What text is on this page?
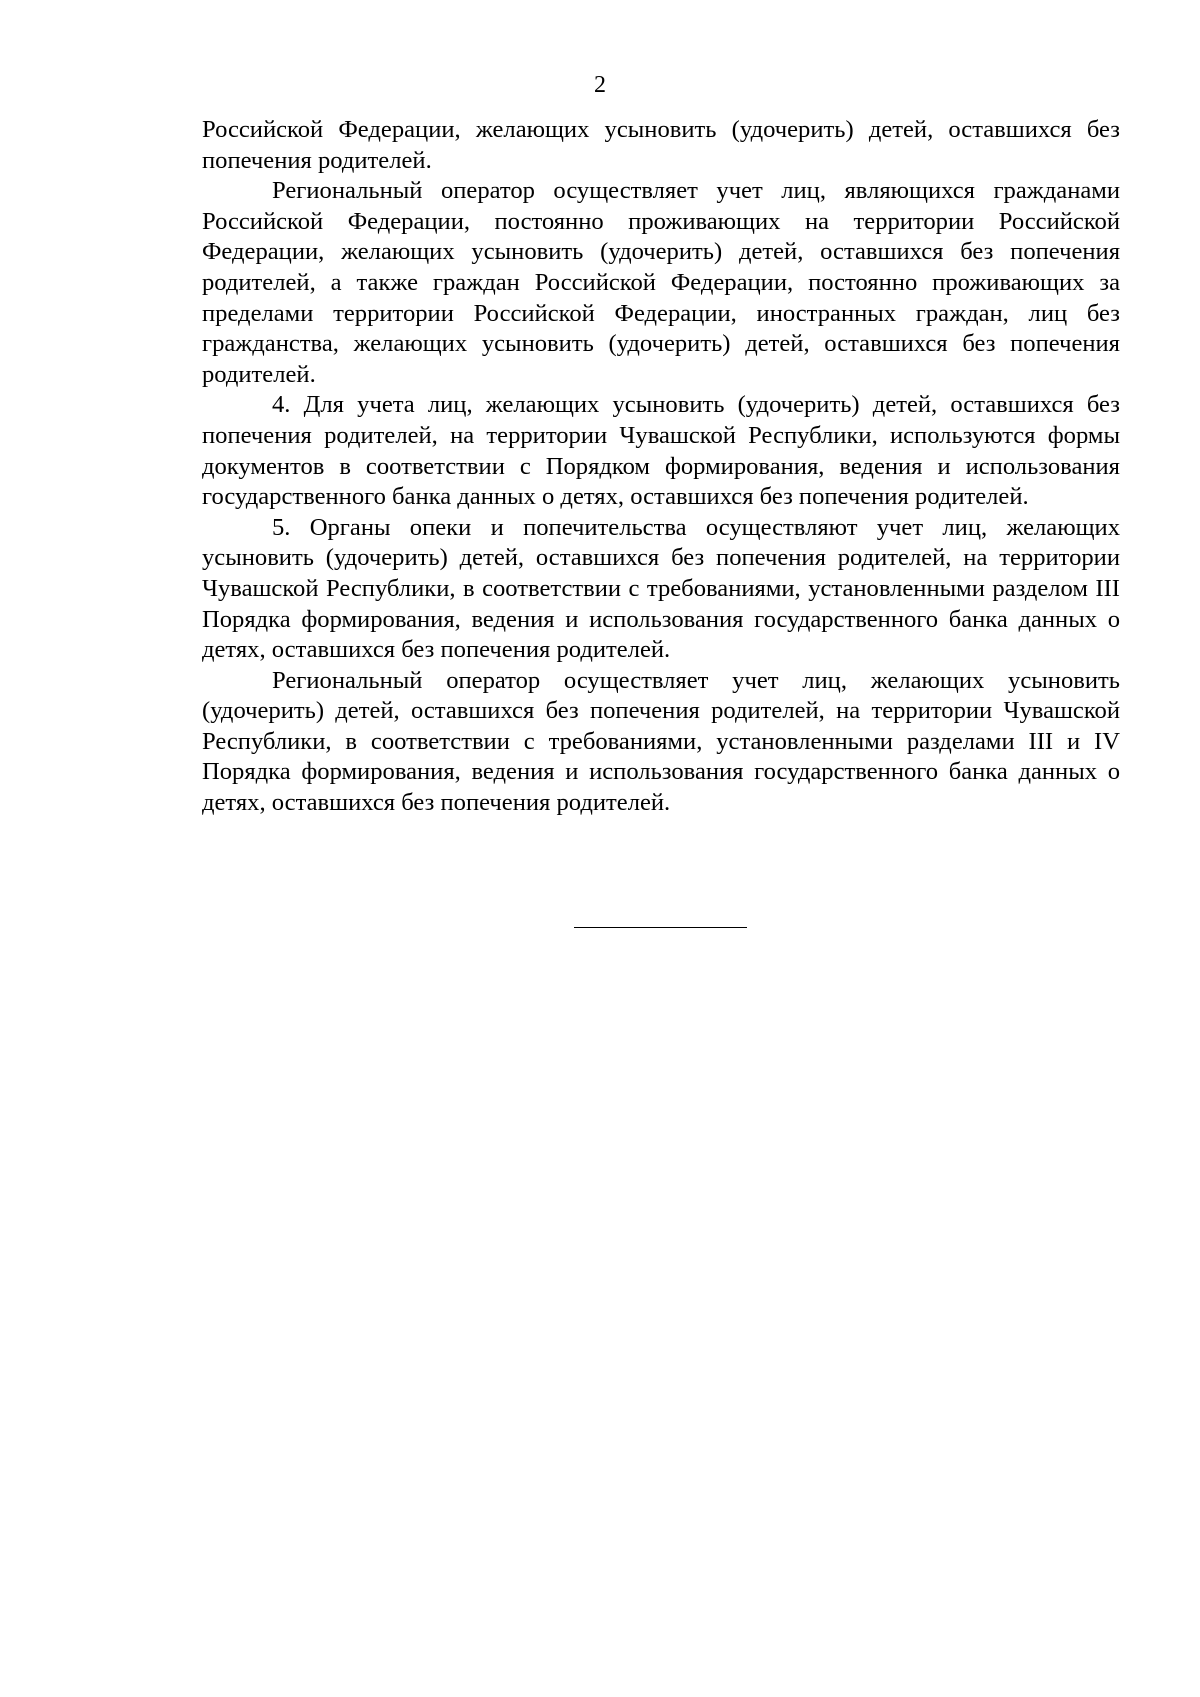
2

Российской Федерации, желающих усыновить (удочерить) детей, оставшихся без попечения родителей.

Региональный оператор осуществляет учет лиц, являющихся гражданами Российской Федерации, постоянно проживающих на территории Российской Федерации, желающих усыновить (удочерить) детей, оставшихся без попечения родителей, а также граждан Российской Федерации, постоянно проживающих за пределами территории Российской Федерации, иностранных граждан, лиц без гражданства, желающих усыновить (удочерить) детей, оставшихся без попечения родителей.

4. Для учета лиц, желающих усыновить (удочерить) детей, оставшихся без попечения родителей, на территории Чувашской Республики, используются формы документов в соответствии с Порядком формирования, ведения и использования государственного банка данных о детях, оставшихся без попечения родителей.

5. Органы опеки и попечительства осуществляют учет лиц, желающих усыновить (удочерить) детей, оставшихся без попечения родителей, на территории Чувашской Республики, в соответствии с требованиями, установленными разделом III Порядка формирования, ведения и использования государственного банка данных о детях, оставшихся без попечения родителей.

Региональный оператор осуществляет учет лиц, желающих усыновить (удочерить) детей, оставшихся без попечения родителей, на территории Чувашской Республики, в соответствии с требованиями, установленными разделами III и IV Порядка формирования, ведения и использования государственного банка данных о детях, оставшихся без попечения родителей.
